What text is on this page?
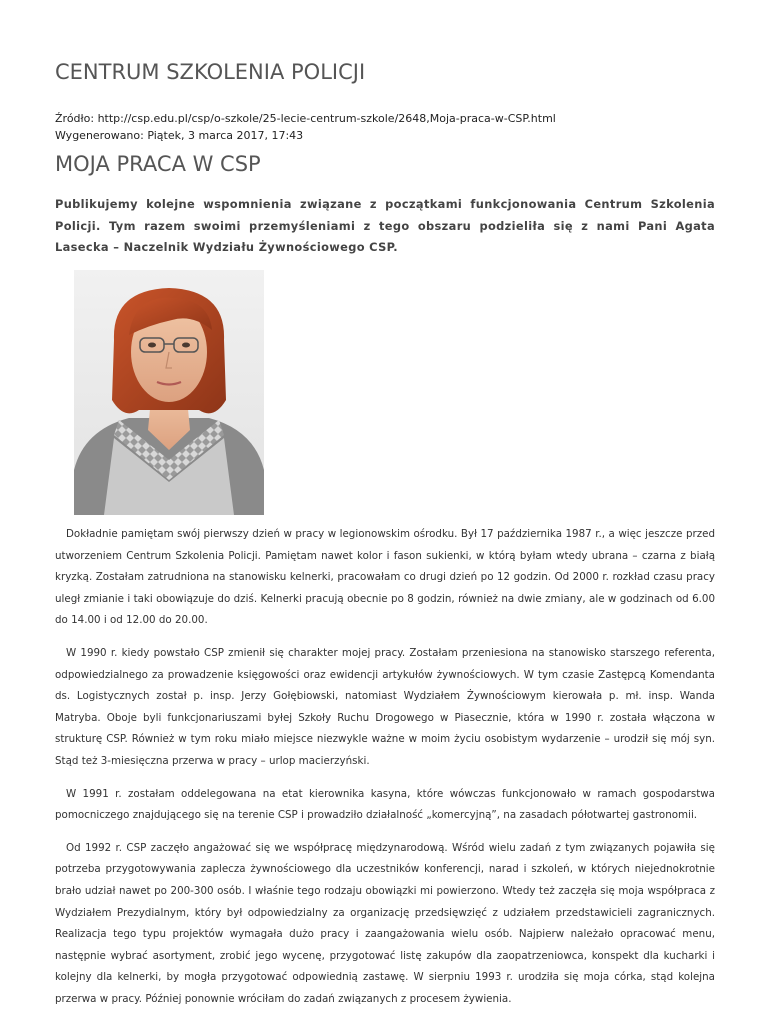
CENTRUM SZKOLENIA POLICJI
Źródło: http://csp.edu.pl/csp/o-szkole/25-lecie-centrum-szkole/2648,Moja-praca-w-CSP.html
Wygenerowano: Piątek, 3 marca 2017, 17:43
MOJA PRACA W CSP

Publikujemy kolejne wspomnienia związane z początkami funkcjonowania Centrum Szkolenia Policji. Tym razem swoimi przemyśleniami z tego obszaru podzieliła się z nami Pani Agata Lasecka – Naczelnik Wydziału Żywnościowego CSP.

Dokładnie pamiętam swój pierwszy dzień w pracy w legionowskim ośrodku. Był 17 października 1987 r., a więc jeszcze przed utworzeniem Centrum Szkolenia Policji. Pamiętam nawet kolor i fason sukienki, w którą byłam wtedy ubrana – czarna z białą kryzką. Zostałam zatrudniona na stanowisku kelnerki, pracowałam co drugi dzień po 12 godzin. Od 2000 r. rozkład czasu pracy uległ zmianie i taki obowiązuje do dziś. Kelnerki pracują obecnie po 8 godzin, również na dwie zmiany, ale w godzinach od 6.00 do 14.00 i od 12.00 do 20.00.

W 1990 r. kiedy powstało CSP zmienił się charakter mojej pracy. Zostałam przeniesiona na stanowisko starszego referenta, odpowiedzialnego za prowadzenie księgowości oraz ewidencji artykułów żywnościowych. W tym czasie Zastępcą Komendanta ds. Logistycznych został p. insp. Jerzy Gołębiowski, natomiast Wydziałem Żywnościowym kierowała p. mł. insp. Wanda Matryba. Oboje byli funkcjonariuszami byłej Szkoły Ruchu Drogowego w Piasecznie, która w 1990 r. została włączona w strukturę CSP. Również w tym roku miało miejsce niezwykle ważne w moim życiu osobistym wydarzenie – urodził się mój syn. Stąd też 3-miesięczna przerwa w pracy – urlop macierzyński.

W 1991 r. zostałam oddelegowana na etat kierownika kasyna, które wówczas funkcjonowało w ramach gospodarstwa pomocniczego znajdującego się na terenie CSP i prowadziło działalność „komercyjną”, na zasadach półotwartej gastronomii.

Od 1992 r. CSP zaczęło angażować się we współpracę międzynarodową. Wśród wielu zadań z tym związanych pojawiła się potrzeba przygotowywania zaplecza żywnościowego dla uczestników konferencji, narad i szkoleń, w których niejednokrotnie brało udział nawet po 200-300 osób. I właśnie tego rodzaju obowiązki mi powierzono. Wtedy też zaczęła się moja współpraca z Wydziałem Prezydialnym, który był odpowiedzialny za organizację przedsięwzięć z udziałem przedstawicieli zagranicznych. Realizacja tego typu projektów wymagała dużo pracy i zaangażowania wielu osób. Najpierw należało opracować menu, następnie wybrać asortyment, zrobić jego wycenę, przygotować listę zakupów dla zaopatrzeniowca, konspekt dla kucharki i kolejny dla kelnerki, by mogła przygotować odpowiednią zastawę. W sierpniu 1993 r. urodziła się moja córka, stąd kolejna przerwa w pracy. Później ponownie wróciłam do zadań związanych z procesem żywienia.
